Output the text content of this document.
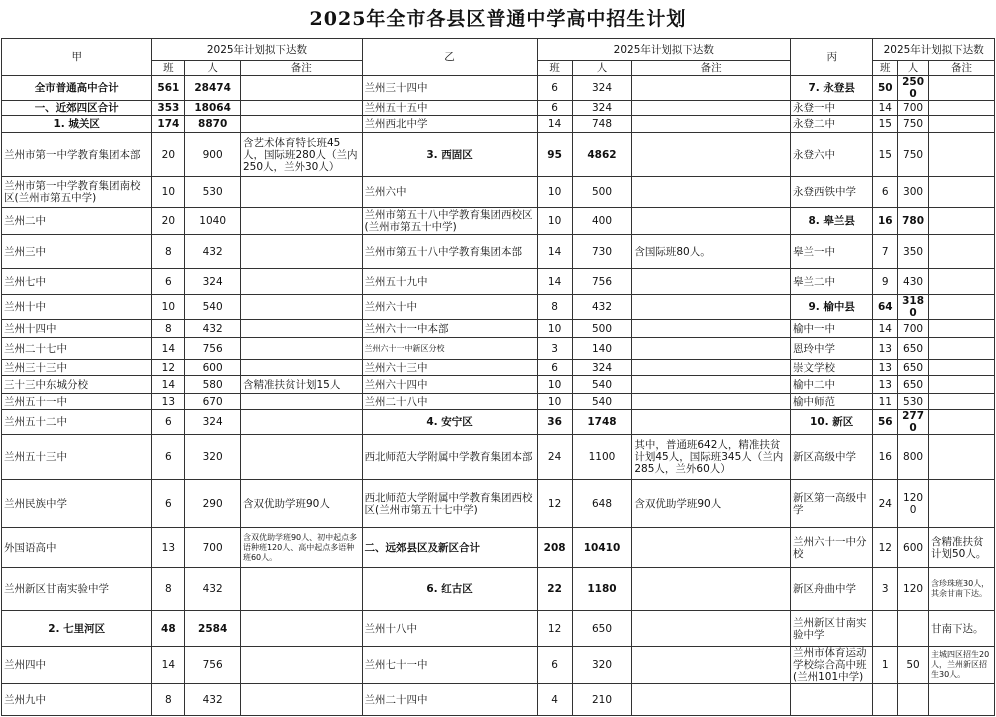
2025年全市各县区普通中学高中招生计划
甲	2025年计划拟下达数			乙	2025年计划拟下达数			丙	2025年计划拟下达数		
	班	人	备注		班	人	备注		班	人	备注
全市普通高中合计	561	28474		兰州三十四中	6	324		7. 永登县	50	2500	
一、近郊四区合计	353	18064		兰州五十五中	6	324		永登一中	14	700	
1. 城关区	174	8870		兰州西北中学	14	748		永登二中	15	750	
兰州市第一中学教育集团本部	20	900	含艺术体育特长班45人，国际班280人（兰内250人，兰外30人）	3. 西固区	95	4862		永登六中	15	750	
兰州市第一中学教育集团南校区(兰州市第五中学)	10	530		兰州六中	10	500		永登西铁中学	6	300	
兰州二中	20	1040		兰州市第五十八中学教育集团西校区(兰州市第五十中学)	10	400		8. 皋兰县	16	780	
兰州三中	8	432		兰州市第五十八中学教育集团本部	14	730	含国际班80人。	皋兰一中	7	350	
兰州七中	6	324		兰州五十九中	14	756		皋兰二中	9	430	
兰州十中	10	540		兰州六十中	8	432		9. 榆中县	64	3180	
兰州十四中	8	432		兰州六十一中本部	10	500		榆中一中	14	700	
兰州二十七中	14	756		兰州六十一中新区分校	3	140		恩玲中学	13	650	
兰州三十三中	12	600		兰州六十三中	6	324		崇文学校	13	650	
三十三中东城分校	14	580	含精准扶贫计划15人	兰州六十四中	10	540		榆中二中	13	650	
兰州五十一中	13	670		兰州二十八中	10	540		榆中师范	11	530	
兰州五十二中	6	324		4. 安宁区	36	1748		10. 新区	56	2770	
兰州五十三中	6	320		西北师范大学附属中学教育集团本部	24	1100	其中，普通班642人，精准扶贫计划45人，国际班345人（兰内285人，兰外60人）	新区高级中学	16	800	
兰州民族中学	6	290	含双优助学班90人	西北师范大学附属中学教育集团西校区(兰州市第五十七中学)	12	648	含双优助学班90人	新区第一高级中学	24	1200	
外国语高中	13	700	含双优助学班90人、初中起点多语种班120人、高中起点多语种班60人。	二、远郊县区及新区合计	208	10410		兰州六十一中分校	12	600	含精准扶贫计划50人。
兰州新区甘南实验中学	8	432		6. 红古区	22	1180		新区舟曲中学	3	120	含珍珠班30人，其余甘南下达。
2. 七里河区	48	2584		兰州十八中	12	650		兰州新区甘南实验中学			甘南下达。
兰州四中	14	756		兰州七十一中	6	320		兰州市体育运动学校综合高中班(兰州101中学)	1	50	主城四区招生20人，兰州新区招生30人。
兰州九中	8	432		兰州二十四中	4	210					
